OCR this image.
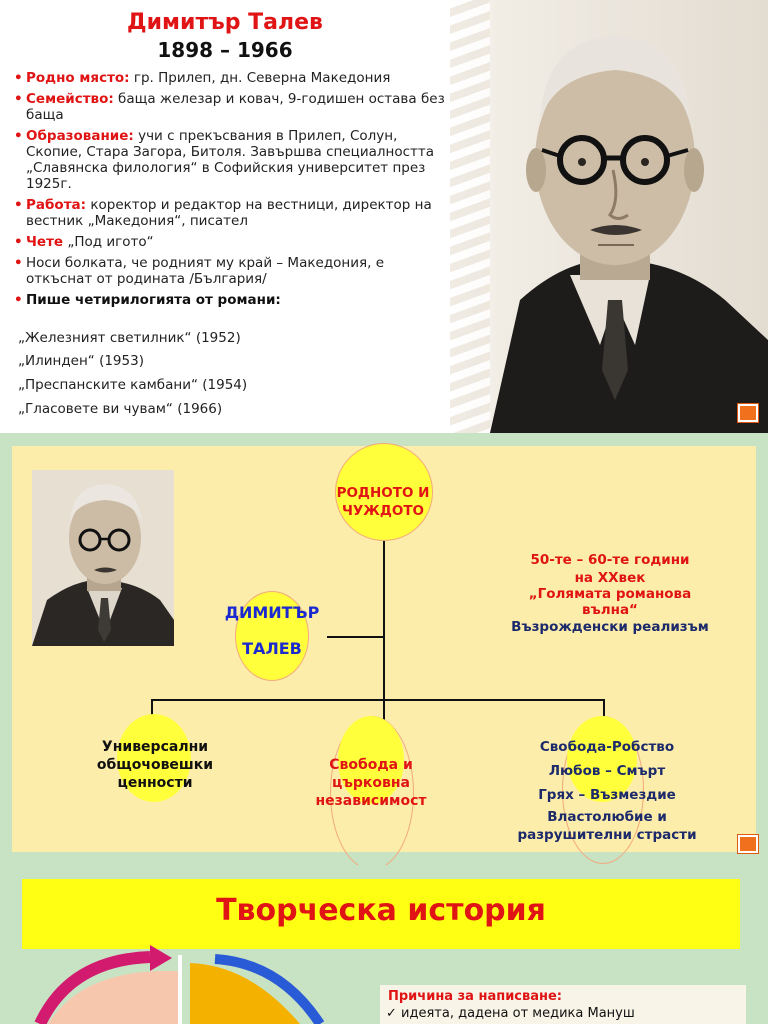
Димитър Талев
1898 – 1966
• Родно място: гр. Прилеп, дн. Северна Македония
• Семейство: баща железар и ковач, 9-годишен остава без баща
• Образование: учи с прекъсвания в Прилеп, Солун, Скопие, Стара Загора, Битоля. Завършва специалността „Славянска филология“ в Софийския университет през 1925г.
• Работа: коректор и редактор на вестници, директор на вестник „Македония“, писател
• Чете „Под игото“
• Носи болката, че родният му край – Македония, е откъснат от родината /България/
• Пише четирилогията от романи:
„Железният светилник“ (1952)
„Илинден“ (1953)
„Преспанските камбани“ (1954)
„Гласовете ви чувам“ (1966)
РОДНОТО И ЧУЖДОТО
ДИМИТЪР
ТАЛЕВ
50-те – 60-те години
на ХХвек
„Голямата романова
вълна“
Възрожденски реализъм
Универсални общочовешки ценности
Свобода и църковна независимост
Свобода-Робство
Любов – Смърт
Грях – Възмездие
Властолюбие и разрушителни страсти
Творческа история
Причина за написване:
✓ идеята, дадена от медика Мануш
